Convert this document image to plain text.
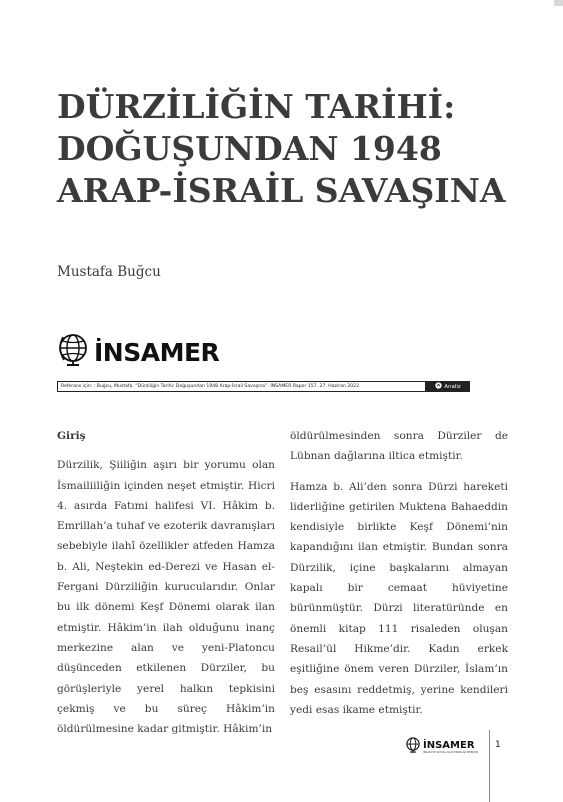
DÜRZİLİĞİN TARİHİ:
DOĞUŞUNDAN 1948
ARAP-İSRAİL SAVAŞINA
Mustafa Buğcu
İNSAMER
Referans için: : Buğcu, Mustafa. “Dürziliğin Tarihi: Doğuşundan 1948 Arap-İsrail Savaşına”. İNSAMER Rapor 157. 27. Haziran 2022.	Analiz

Giriş

Dürzilik, Şiiliğin aşırı bir yorumu olan İsmailiiliğin içinden neşet etmiştir. Hicri 4. asırda Fatımi halifesi VI. Hâkim b. Emrillah’a tuhaf ve ezoterik davranışları sebebiyle ilahî özellikler atfeden Hamza b. Ali, Neştekin ed-Derezi ve Hasan el-Fergani Dürziliğin kurucularıdır. Onlar bu ilk dönemi Keşf Dönemi olarak ilan etmiştir. Hâkim’in ilah olduğunu inanç merkezine alan ve yeni-Platoncu düşünceden etkilenen Dürziler, bu görüşleriyle yerel halkın tepkisini çekmiş ve bu süreç Hâkim’in öldürülmesine kadar gitmiştir. Hâkim’in

öldürülmesinden sonra Dürziler de Lübnan dağlarına iltica etmiştir.

Hamza b. Ali’den sonra Dürzi hareketi liderliğine getirilen Muktena Bahaeddin kendisiyle birlikte Keşf Dönemi’nin kapandığını ilan etmiştir. Bundan sonra Dürzilik, içine başkalarını almayan kapalı bir cemaat hüviyetine bürünmüştür. Dürzi literatüründe en önemli kitap 111 risaleden oluşan Resail’ül Hikme’dir. Kadın erkek eşitliğine önem veren Dürziler, İslam’ın beş esasını reddetmiş, yerine kendileri yedi esas ikame etmiştir.

İNSAMER
İNSANİ VE SOSYAL ARAŞTIRMALAR MERKEZİ
1
